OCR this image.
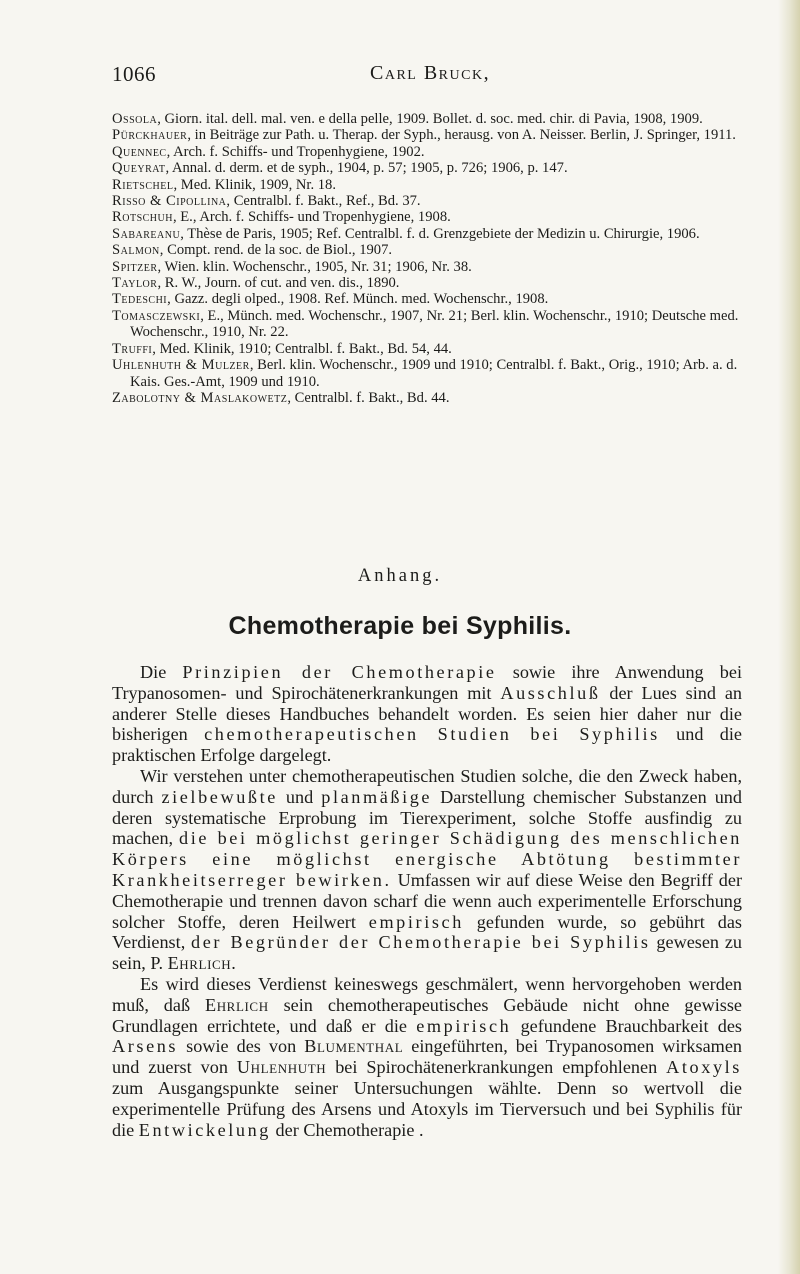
1066	Carl Bruck,

Ossola, Giorn. ital. dell. mal. ven. e della pelle, 1909. Bollet. d. soc. med. chir. di Pavia, 1908, 1909.

Pürckhauer, in Beiträge zur Path. u. Therap. der Syph., herausg. von A. Neisser. Berlin, J. Springer, 1911.

Quennec, Arch. f. Schiffs- und Tropenhygiene, 1902.

Queyrat, Annal. d. derm. et de syph., 1904, p. 57; 1905, p. 726; 1906, p. 147.

Rietschel, Med. Klinik, 1909, Nr. 18.

Risso & Cipollina, Centralbl. f. Bakt., Ref., Bd. 37.

Rotschuh, E., Arch. f. Schiffs- und Tropenhygiene, 1908.

Sabareanu, Thèse de Paris, 1905; Ref. Centralbl. f. d. Grenzgebiete der Medizin u. Chirurgie, 1906.

Salmon, Compt. rend. de la soc. de Biol., 1907.

Spitzer, Wien. klin. Wochenschr., 1905, Nr. 31; 1906, Nr. 38.

Taylor, R. W., Journ. of cut. and ven. dis., 1890.

Tedeschi, Gazz. degli olped., 1908. Ref. Münch. med. Wochenschr., 1908.

Tomasczewski, E., Münch. med. Wochenschr., 1907, Nr. 21; Berl. klin. Wochenschr., 1910; Deutsche med. Wochenschr., 1910, Nr. 22.

Truffi, Med. Klinik, 1910; Centralbl. f. Bakt., Bd. 54, 44.

Uhlenhuth & Mulzer, Berl. klin. Wochenschr., 1909 und 1910; Centralbl. f. Bakt., Orig., 1910; Arb. a. d. Kais. Ges.-Amt, 1909 und 1910.

Zabolotny & Maslakowetz, Centralbl. f. Bakt., Bd. 44.

Anhang.
Chemotherapie bei Syphilis.

Die Prinzipien der Chemotherapie sowie ihre Anwendung bei Trypanosomen- und Spirochätenerkrankungen mit Ausschluß der Lues sind an anderer Stelle dieses Handbuches behandelt worden. Es seien hier daher nur die bisherigen chemotherapeutischen Studien bei Syphilis und die praktischen Erfolge dargelegt.

Wir verstehen unter chemotherapeutischen Studien solche, die den Zweck haben, durch zielbewußte und planmäßige Darstellung chemischer Substanzen und deren systematische Erprobung im Tierexperiment, solche Stoffe ausfindig zu machen, die bei möglichst geringer Schädigung des menschlichen Körpers eine möglichst energische Abtötung bestimmter Krankheitserreger bewirken. Umfassen wir auf diese Weise den Begriff der Chemotherapie und trennen davon scharf die wenn auch experimentelle Erforschung solcher Stoffe, deren Heilwert empirisch gefunden wurde, so gebührt das Verdienst, der Begründer der Chemotherapie bei Syphilis gewesen zu sein, P. Ehrlich.

Es wird dieses Verdienst keineswegs geschmälert, wenn hervorgehoben werden muß, daß Ehrlich sein chemotherapeutisches Gebäude nicht ohne gewisse Grundlagen errichtete, und daß er die empirisch gefundene Brauchbarkeit des Arsens sowie des von Blumenthal eingeführten, bei Trypanosomen wirksamen und zuerst von Uhlenhuth bei Spirochätenerkrankungen empfohlenen Atoxyls zum Ausgangspunkte seiner Untersuchungen wählte. Denn so wertvoll die experimentelle Prüfung des Arsens und Atoxyls im Tierversuch und bei Syphilis für die Entwickelung der Chemotherapie .
